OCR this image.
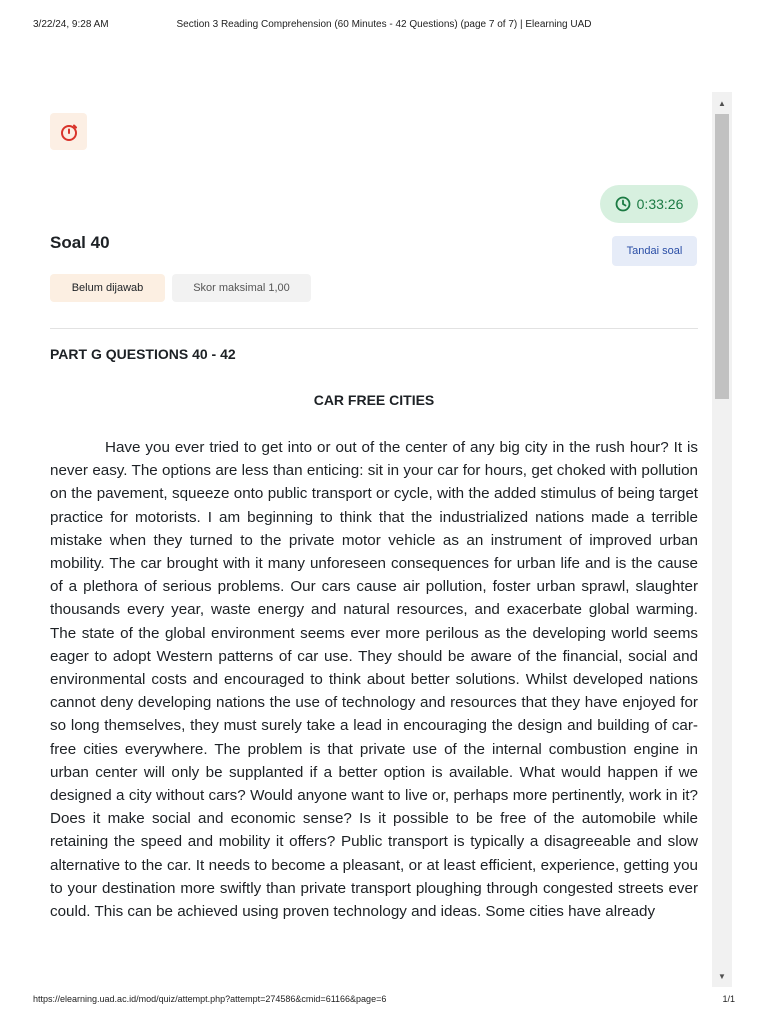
3/22/24, 9:28 AM	Section 3 Reading Comprehension (60 Minutes - 42 Questions) (page 7 of 7) | Elearning UAD
0:33:26
Soal 40	Tandai soal
Belum dijawab	Skor maksimal 1,00
PART G QUESTIONS 40 - 42
CAR FREE CITIES

Have you ever tried to get into or out of the center of any big city in the rush hour? It is never easy. The options are less than enticing: sit in your car for hours, get choked with pollution on the pavement, squeeze onto public transport or cycle, with the added stimulus of being target practice for motorists. I am beginning to think that the industrialized nations made a terrible mistake when they turned to the private motor vehicle as an instrument of improved urban mobility. The car brought with it many unforeseen consequences for urban life and is the cause of a plethora of serious problems. Our cars cause air pollution, foster urban sprawl, slaughter thousands every year, waste energy and natural resources, and exacerbate global warming. The state of the global environment seems ever more perilous as the developing world seems eager to adopt Western patterns of car use. They should be aware of the financial, social and environmental costs and encouraged to think about better solutions. Whilst developed nations cannot deny developing nations the use of technology and resources that they have enjoyed for so long themselves, they must surely take a lead in encouraging the design and building of car-free cities everywhere. The problem is that private use of the internal combustion engine in urban center will only be supplanted if a better option is available. What would happen if we designed a city without cars? Would anyone want to live or, perhaps more pertinently, work in it? Does it make social and economic sense? Is it possible to be free of the automobile while retaining the speed and mobility it offers? Public transport is typically a disagreeable and slow alternative to the car. It needs to become a pleasant, or at least efficient, experience, getting you to your destination more swiftly than private transport ploughing through congested streets ever could. This can be achieved using proven technology and ideas. Some cities have already

▲
▼
https://elearning.uad.ac.id/mod/quiz/attempt.php?attempt=274586&cmid=61166&page=6	1/1
